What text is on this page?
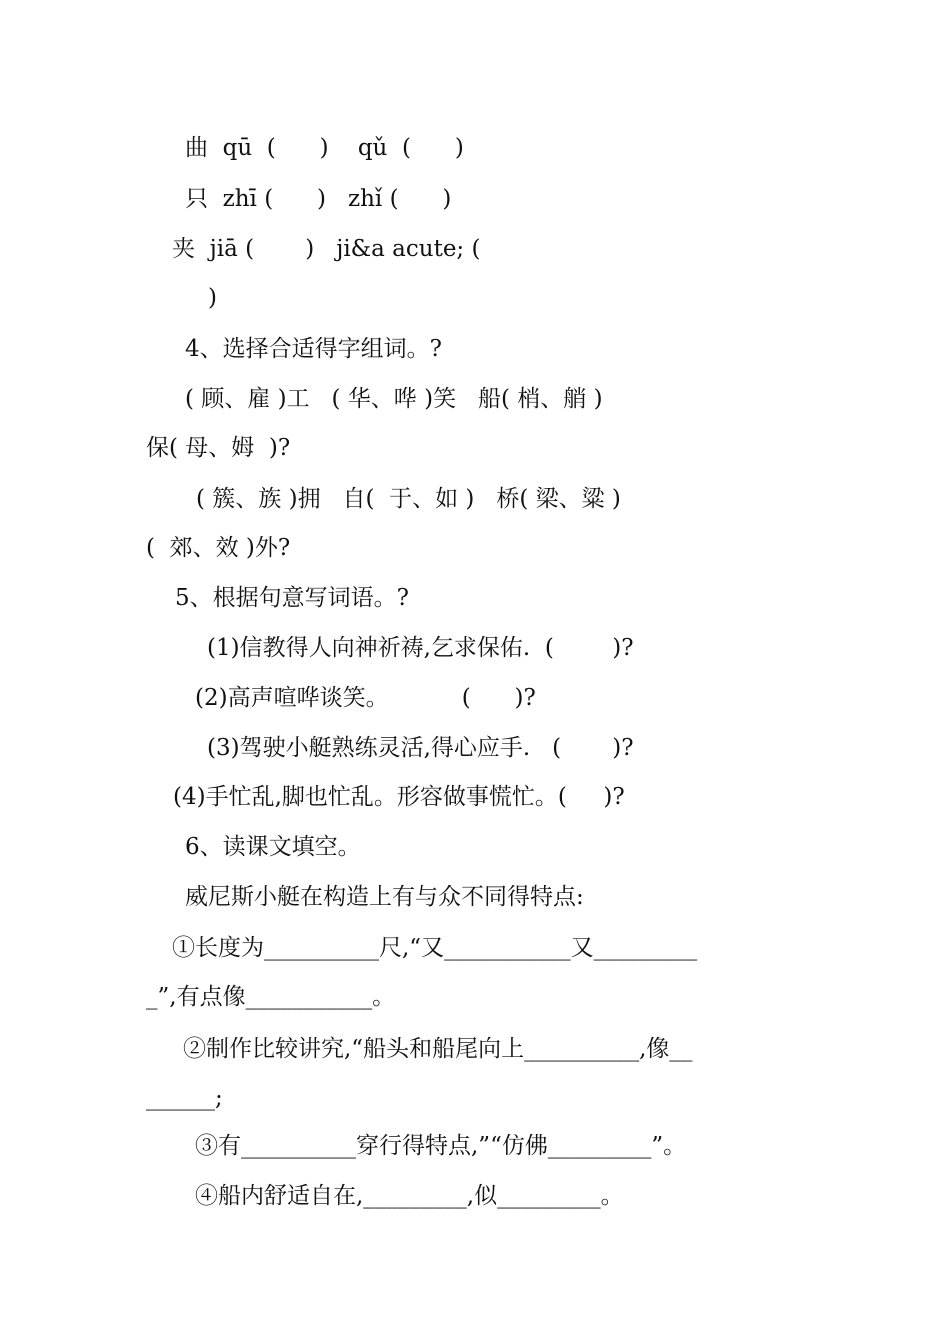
曲  qū  (      )    qǔ  (      )
只  zhī (      )   zhǐ (      )
夹  jiā (       )   ji&a acute; (
)
4、选择合适得字组词。?
( 顾、雇 )工   ( 华、哗 )笑   船( 梢、艄 )
保( 母、姆  )?
( 簇、族 )拥   自(  于、如 )   桥( 梁、粱 )
(  郊、效 )外?
5、根据句意写词语。?
(1)信教得人向神祈祷,乞求保佑.  (        )?
(2)高声喧哗谈笑。          (      )?
(3)驾驶小艇熟练灵活,得心应手.   (       )?
(4)手忙乱,脚也忙乱。形容做事慌忙。(     )?
6、读课文填空。
威尼斯小艇在构造上有与众不同得特点:
①长度为__________尺,“又___________又_________
_”,有点像___________。
②制作比较讲究,“船头和船尾向上__________,像__
______;
③有__________穿行得特点,”“仿佛_________”。
④船内舒适自在,_________,似_________。
